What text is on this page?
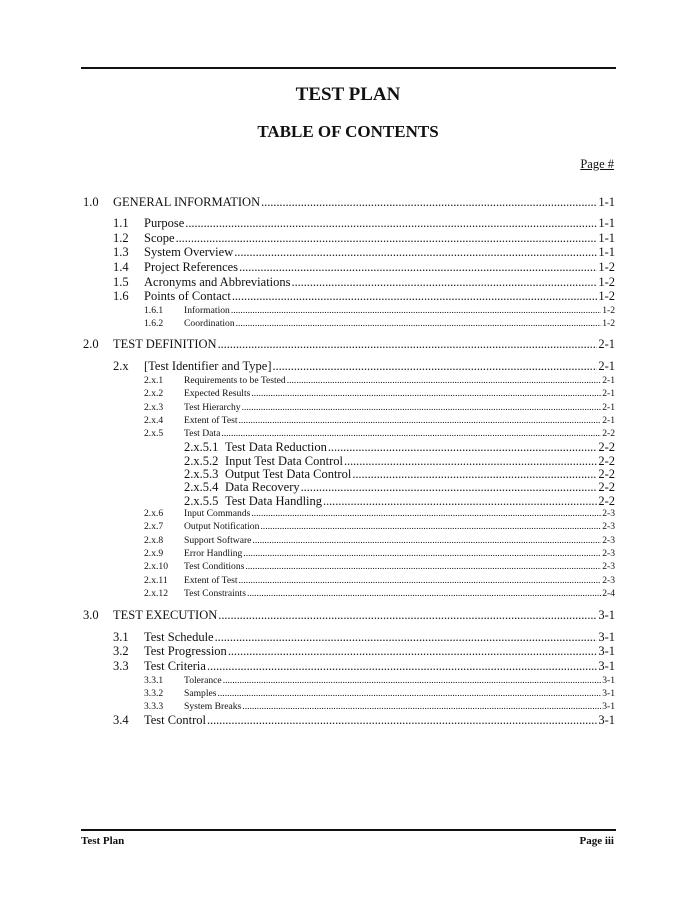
TEST PLAN
TABLE OF CONTENTS
Page #
1.0 GENERAL INFORMATION . . .	1-1
1.1 Purpose . . .	1-1
1.2 Scope . . .	1-1
1.3 System Overview . . .	1-1
1.4 Project References . . .	1-2
1.5 Acronyms and Abbreviations . . .	1-2
1.6 Points of Contact . . .	1-2
1.6.1 Information . . .	1-2
1.6.2 Coordination . . .	1-2
2.0 TEST DEFINITION . . .	2-1
2.x [Test Identifier and Type] . . .	2-1
2.x.1 Requirements to be Tested . . .	2-1
2.x.2 Expected Results . . .	2-1
2.x.3 Test Hierarchy . . .	2-1
2.x.4 Extent of Test . . .	2-1
2.x.5 Test Data . . .	2-2
2.x.5.1 Test Data Reduction . . .	2-2
2.x.5.2 Input Test Data Control . . .	2-2
2.x.5.3 Output Test Data Control . . .	2-2
2.x.5.4 Data Recovery . . .	2-2
2.x.5.5 Test Data Handling . . .	2-2
2.x.6 Input Commands . . .	2-3
2.x.7 Output Notification . . .	2-3
2.x.8 Support Software . . .	2-3
2.x.9 Error Handling . . .	2-3
2.x.10 Test Conditions . . .	2-3
2.x.11 Extent of Test . . .	2-3
2.x.12 Test Constraints . . .	2-4
3.0 TEST EXECUTION . . .	3-1
3.1 Test Schedule . . .	3-1
3.2 Test Progression . . .	3-1
3.3 Test Criteria . . .	3-1
3.3.1 Tolerance . . .	3-1
3.3.2 Samples . . .	3-1
3.3.3 System Breaks . . .	3-1
3.4 Test Control . . .	3-1
Test Plan	Page iii
